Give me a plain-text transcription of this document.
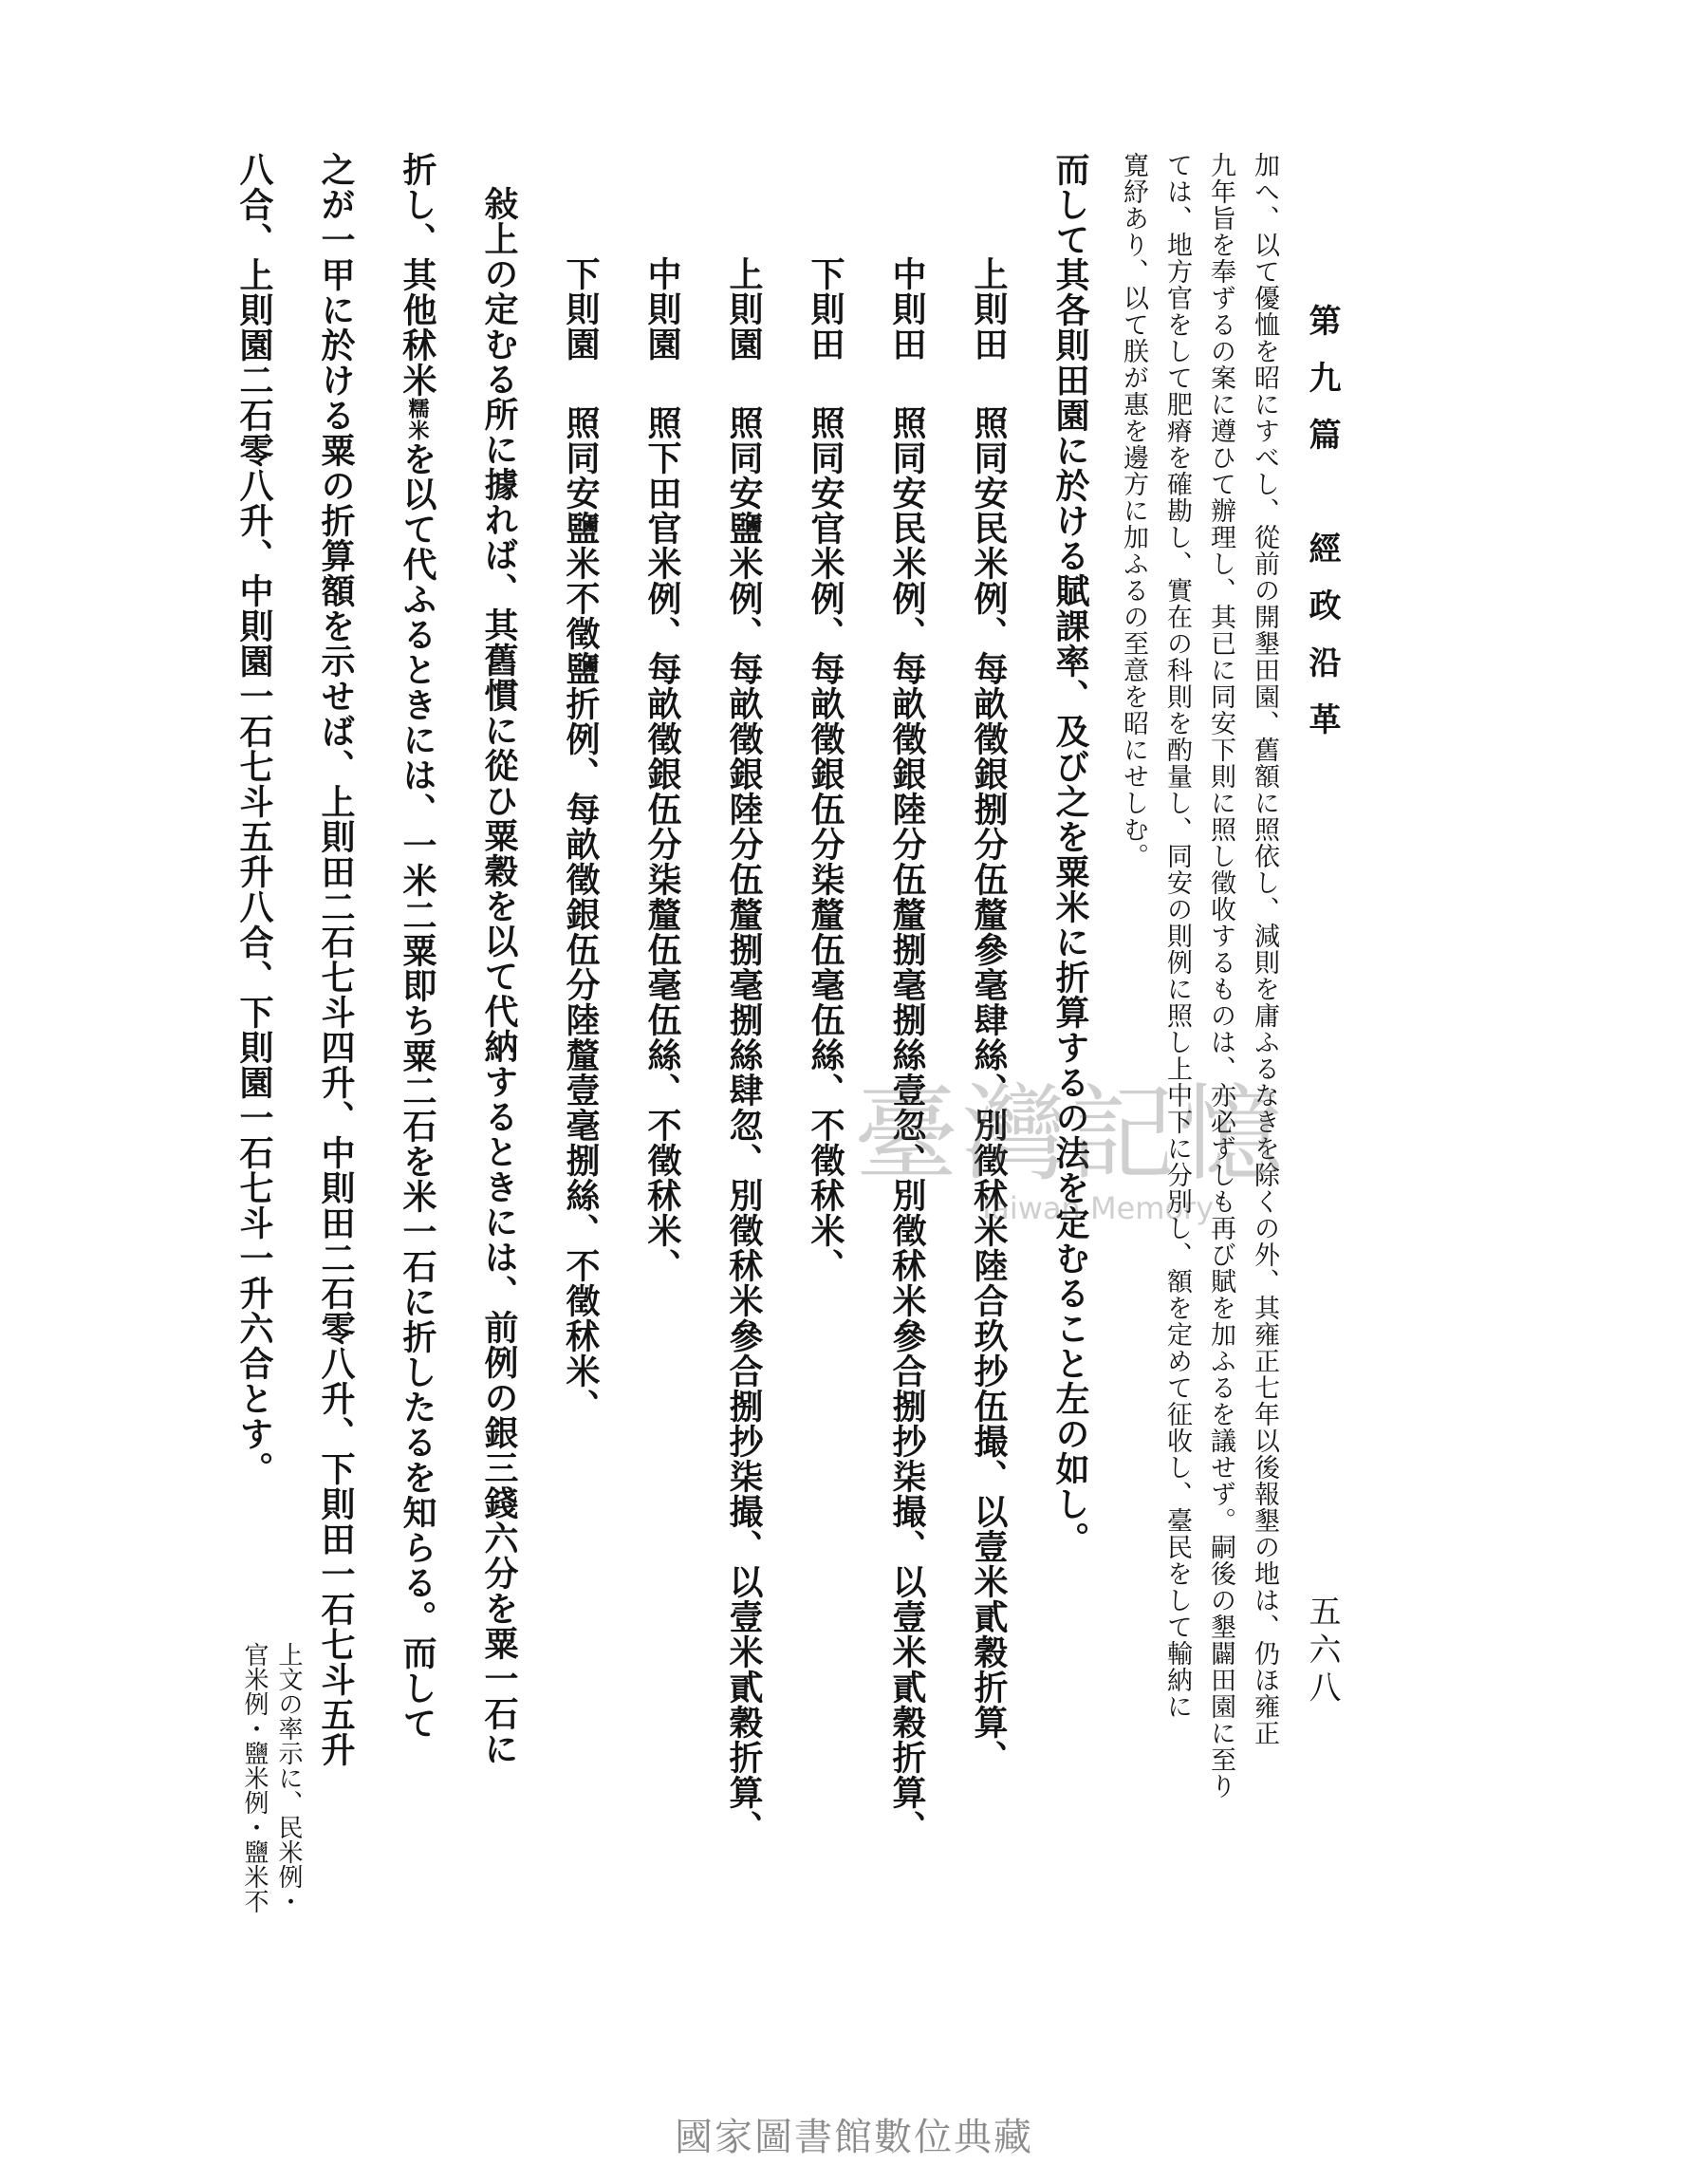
第九篇　經政沿革
五六八

加へ、以て優恤を昭にすべし、從前の開墾田園、舊額に照依し、減則を庸ふるなきを除くの外、其雍正七年以後報墾の地は、仍ほ雍正

九年旨を奉ずるの案に遵ひて辦理し、其已に同安下則に照し徵收するものは、亦必ずしも再び賦を加ふるを議せず。嗣後の墾闢田園に至り

ては、地方官をして肥瘠を確勘し、實在の科則を酌量し、同安の則例に照し上中下に分別し、額を定めて征收し、臺民をして輸納に

寛紓あり、以て朕が惠を邊方に加ふるの至意を昭にせしむ。

而して其各則田園に於ける賦課率、及び之を粟米に折算するの法を定むること左の如し。

上則田照同安民米例、每畝徵銀捌分伍釐參毫肆絲、別徵秫米陸合玖抄伍撮、以壹米貳穀折算、

中則田照同安民米例、每畝徵銀陸分伍釐捌毫捌絲壹忽、別徵秫米參合捌抄柒撮、以壹米貳穀折算、

下則田照同安官米例、每畝徵銀伍分柒釐伍毫伍絲、不徵秫米、

上則園照同安鹽米例、每畝徵銀陸分伍釐捌毫捌絲肆忽、別徵秫米參合捌抄柒撮、以壹米貳穀折算、

中則園照下田官米例、每畝徵銀伍分柒釐伍毫伍絲、不徵秫米、

下則園照同安鹽米不徵鹽折例、每畝徵銀伍分陸釐壹毫捌絲、不徵秫米、

敍上の定むる所に據れば、其舊慣に從ひ粟穀を以て代納するときには、前例の銀三錢六分を粟一石に

折し、其他秫米糯米を以て代ふるときには、一米二粟即ち粟二石を米一石に折したるを知らる。而して

之が一甲に於ける粟の折算額を示せば、上則田二石七斗四升、中則田二石零八升、下則田一石七斗五升

八合、上則園二石零八升、中則園一石七斗五升八合、下則園一石七斗一升六合とす。

上文の率示に、民米例・
官米例・鹽米例・鹽米不
臺灣記憶
Taiwan Memory
國家圖書館數位典藏
